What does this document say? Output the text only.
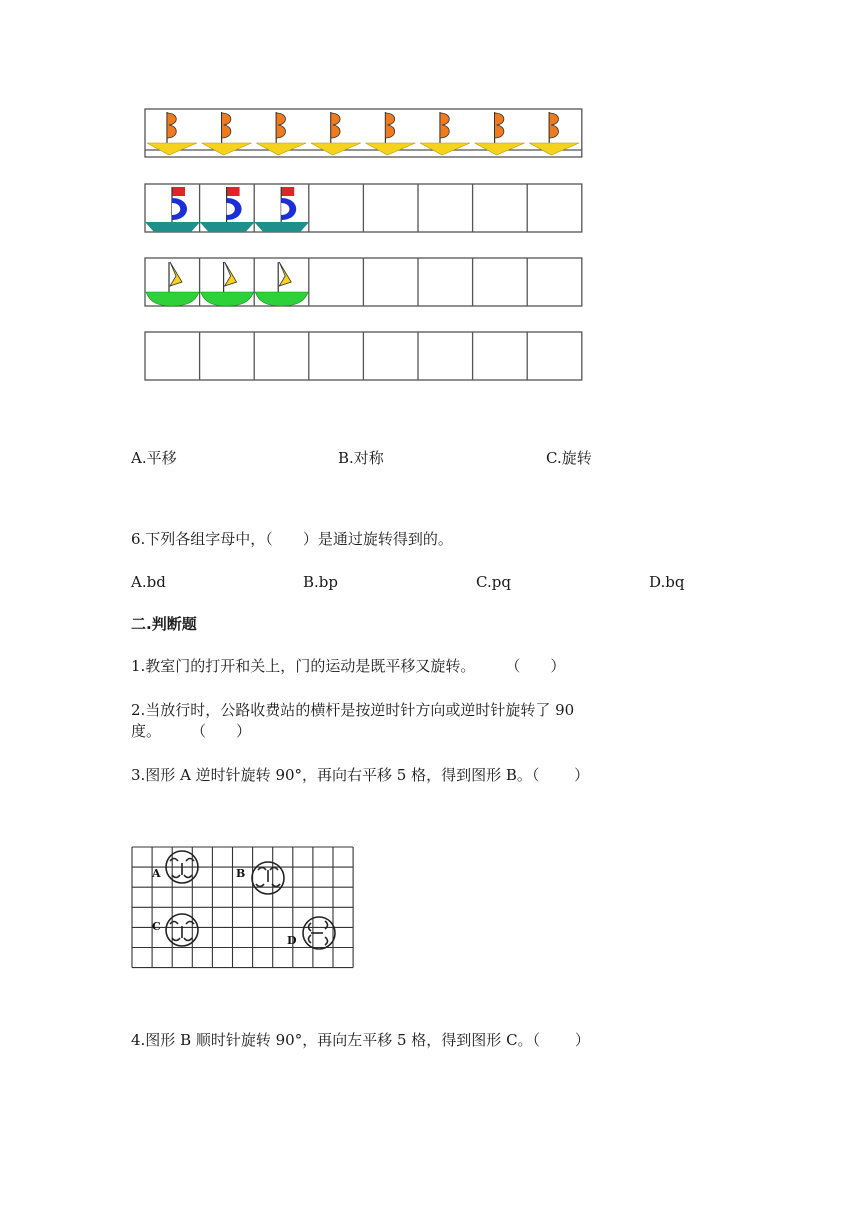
A.平移	B.对称	C.旋转
6.下列各组字母中，（　　）是通过旋转得到的。
A.bd	B.bp	C.pq	D.bq
二.判断题
1.教室门的打开和关上，门的运动是既平移又旋转。　　　（　　）
2.当放行时，公路收费站的横杆是按逆时针方向或逆时针旋转了 90
度。　　　（　　）
3.图形 A 逆时针旋转 90°，再向右平移 5 格，得到图形 B。（　　 ）
A	B
C
D
4.图形 B 顺时针旋转 90°，再向左平移 5 格，得到图形 C。（　　 ）
